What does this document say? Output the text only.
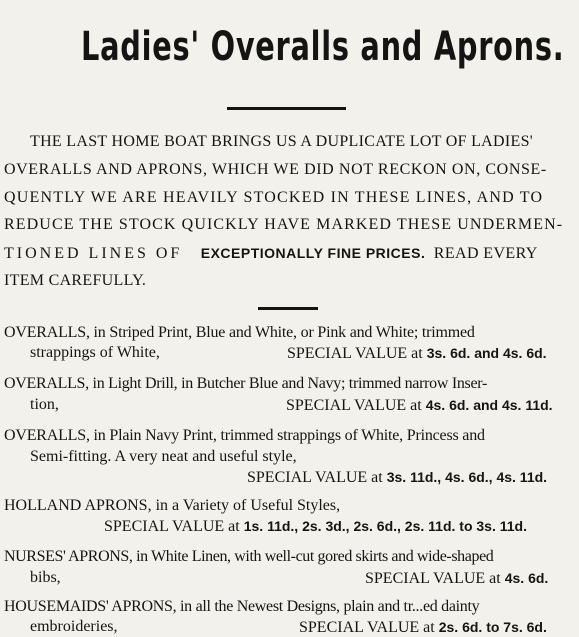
Ladies' Overalls and Aprons.
THE LAST HOME BOAT BRINGS US A DUPLICATE LOT OF LADIES'
OVERALLS AND APRONS, WHICH WE DID NOT RECKON ON, CONSE-
QUENTLY WE ARE HEAVILY STOCKED IN THESE LINES, AND TO
REDUCE THE STOCK QUICKLY HAVE MARKED THESE UNDERMEN-
TIONED LINES OF EXCEPTIONALLY FINE PRICES. READ EVERY
ITEM CAREFULLY.
OVERALLS, in Striped Print, Blue and White, or Pink and White; trimmed
strappings of White,	SPECIAL VALUE at 3s. 6d. and 4s. 6d.
OVERALLS, in Light Drill, in Butcher Blue and Navy; trimmed narrow Inser-
tion,	SPECIAL VALUE at 4s. 6d. and 4s. 11d.
OVERALLS, in Plain Navy Print, trimmed strappings of White, Princess and
Semi-fitting. A very neat and useful style,
SPECIAL VALUE at 3s. 11d., 4s. 6d., 4s. 11d.
HOLLAND APRONS, in a Variety of Useful Styles,
SPECIAL VALUE at 1s. 11d., 2s. 3d., 2s. 6d., 2s. 11d. to 3s. 11d.
NURSES' APRONS, in White Linen, with well-cut gored skirts and wide-shaped
bibs,	SPECIAL VALUE at 4s. 6d.
HOUSEMAIDS' APRONS, in all the Newest Designs, plain and tr...ed dainty
embroideries,	SPECIAL VALUE at 2s. 6d. to 7s. 6d.
